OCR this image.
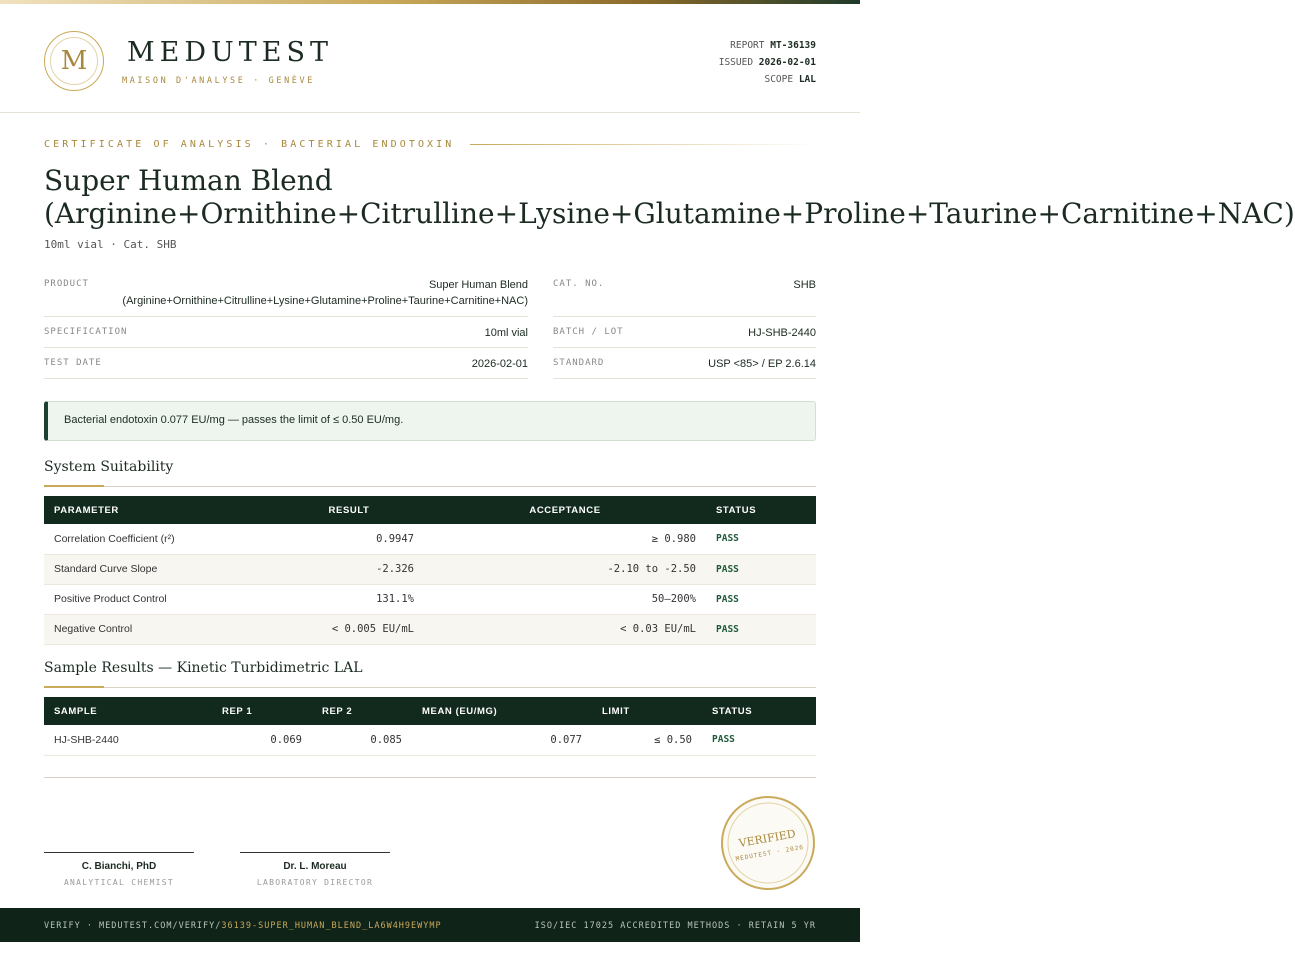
M	MEDUTEST
MAISON D'ANALYSE · GENÈVE
REPORT MT-36139
ISSUED 2026-02-01
SCOPE LAL
CERTIFICATE OF ANALYSIS · BACTERIAL ENDOTOXIN
Super Human Blend
(Arginine+Ornithine+Citrulline+Lysine+Glutamine+Proline+Taurine+Carnitine+NAC)
10ml vial · Cat. SHB
PRODUCT	Super Human Blend
(Arginine+Ornithine+Citrulline+Lysine+Glutamine+Proline+Taurine+Carnitine+NAC)
SPECIFICATION	10ml vial
TEST DATE	2026-02-01
CAT. NO.	SHB
BATCH / LOT	HJ-SHB-2440
STANDARD	USP <85> / EP 2.6.14
Bacterial endotoxin 0.077 EU/mg — passes the limit of ≤ 0.50 EU/mg.
System Suitability
PARAMETER	RESULT	ACCEPTANCE	STATUS
Correlation Coefficient (r²)	0.9947	≥ 0.980	PASS
Standard Curve Slope	-2.326	-2.10 to -2.50	PASS
Positive Product Control	131.1%	50–200%	PASS
Negative Control	< 0.005 EU/mL	< 0.03 EU/mL	PASS
Sample Results — Kinetic Turbidimetric LAL
SAMPLE	REP 1	REP 2	MEAN (EU/MG)	LIMIT	STATUS
HJ-SHB-2440	0.069	0.085	0.077	≤ 0.50	PASS
C. Bianchi, PhD
ANALYTICAL CHEMIST
Dr. L. Moreau
LABORATORY DIRECTOR
VERIFIED
MEDUTEST · 2026
VERIFY · MEDUTEST.COM/VERIFY/36139-SUPER_HUMAN_BLEND_LA6W4H9EWYMP	ISO/IEC 17025 ACCREDITED METHODS · RETAIN 5 YR
